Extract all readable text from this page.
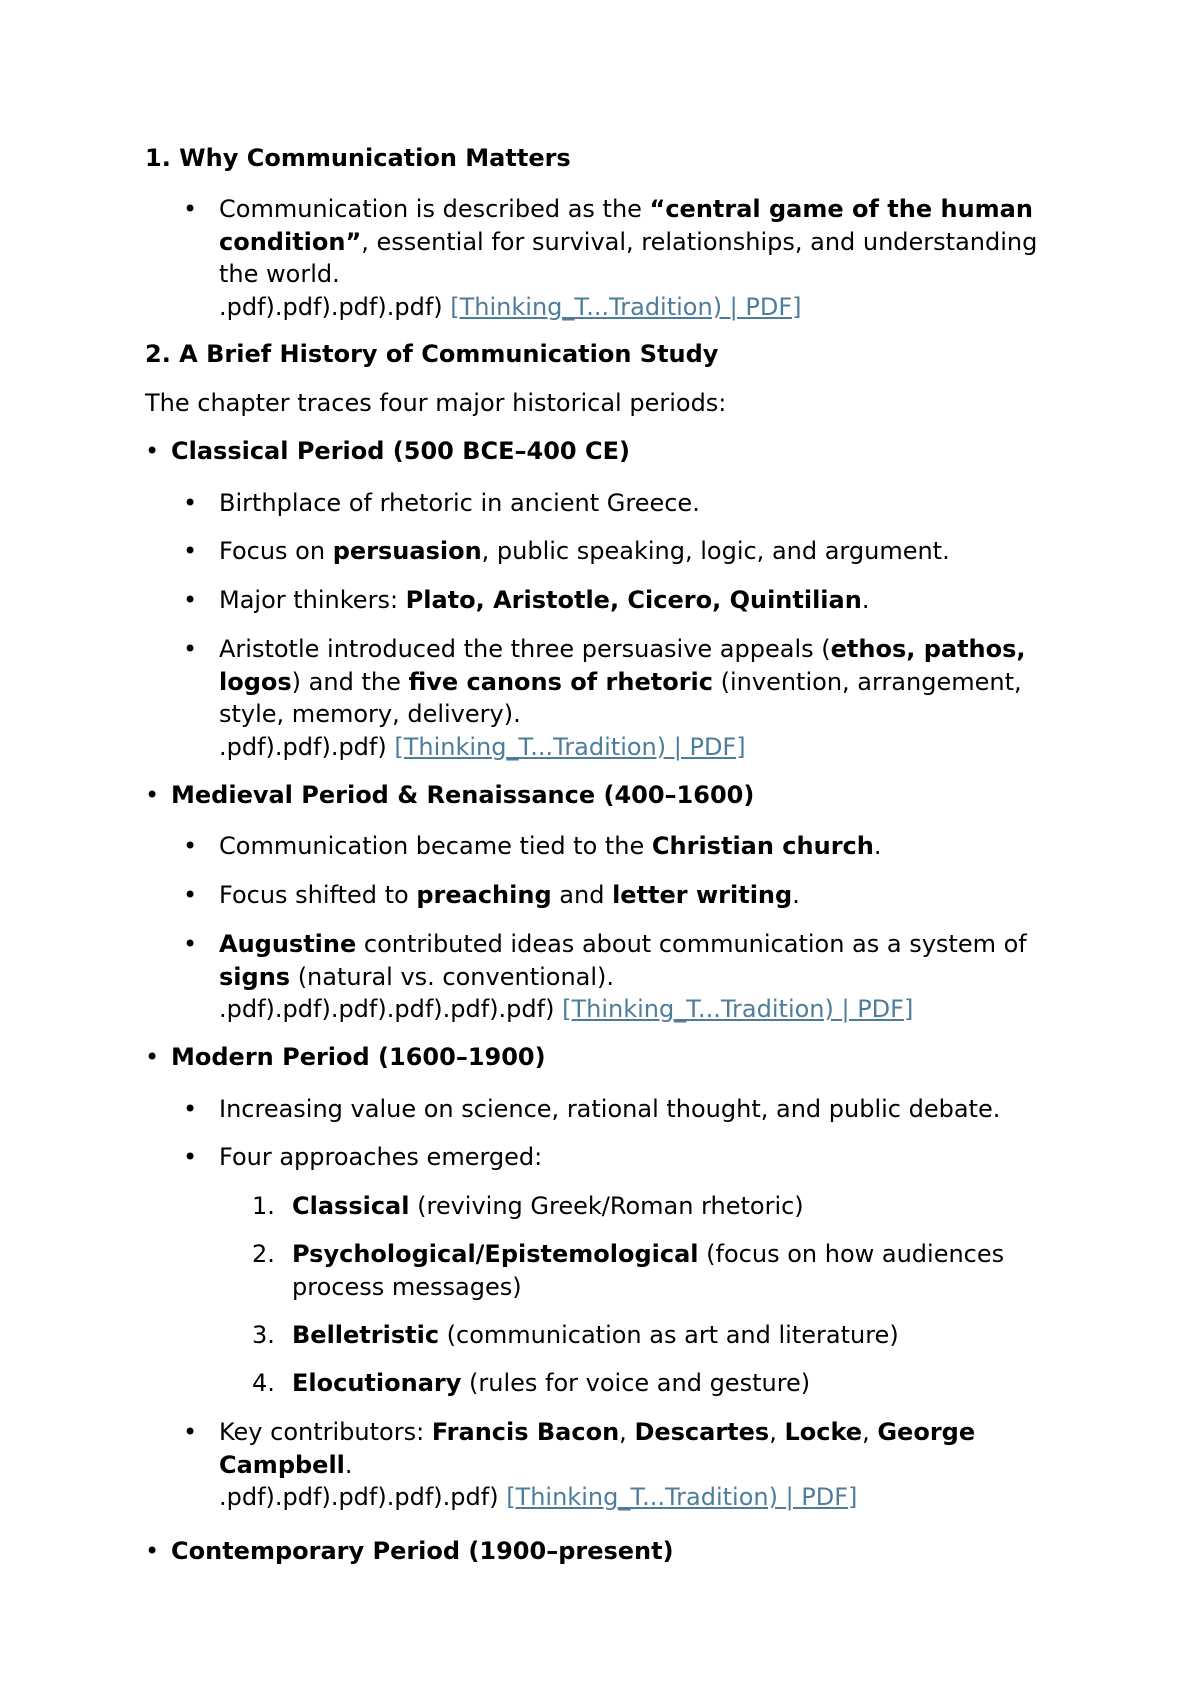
1. Why Communication Matters
• Communication is described as the “central game of the human condition”, essential for survival, relationships, and understanding the world.
.pdf).pdf).pdf).pdf) [Thinking_T...Tradition) | PDF]
2. A Brief History of Communication Study
The chapter traces four major historical periods:
• Classical Period (500 BCE–400 CE)
• Birthplace of rhetoric in ancient Greece.
• Focus on persuasion, public speaking, logic, and argument.
• Major thinkers: Plato, Aristotle, Cicero, Quintilian.
• Aristotle introduced the three persuasive appeals (ethos, pathos, logos) and the five canons of rhetoric (invention, arrangement, style, memory, delivery).
.pdf).pdf).pdf) [Thinking_T...Tradition) | PDF]
• Medieval Period & Renaissance (400–1600)
• Communication became tied to the Christian church.
• Focus shifted to preaching and letter writing.
• Augustine contributed ideas about communication as a system of signs (natural vs. conventional).
.pdf).pdf).pdf).pdf).pdf).pdf) [Thinking_T...Tradition) | PDF]
• Modern Period (1600–1900)
• Increasing value on science, rational thought, and public debate.
• Four approaches emerged:
1. Classical (reviving Greek/Roman rhetoric)
2. Psychological/Epistemological (focus on how audiences process messages)
3. Belletristic (communication as art and literature)
4. Elocutionary (rules for voice and gesture)
• Key contributors: Francis Bacon, Descartes, Locke, George Campbell.
.pdf).pdf).pdf).pdf).pdf) [Thinking_T...Tradition) | PDF]
• Contemporary Period (1900–present)
